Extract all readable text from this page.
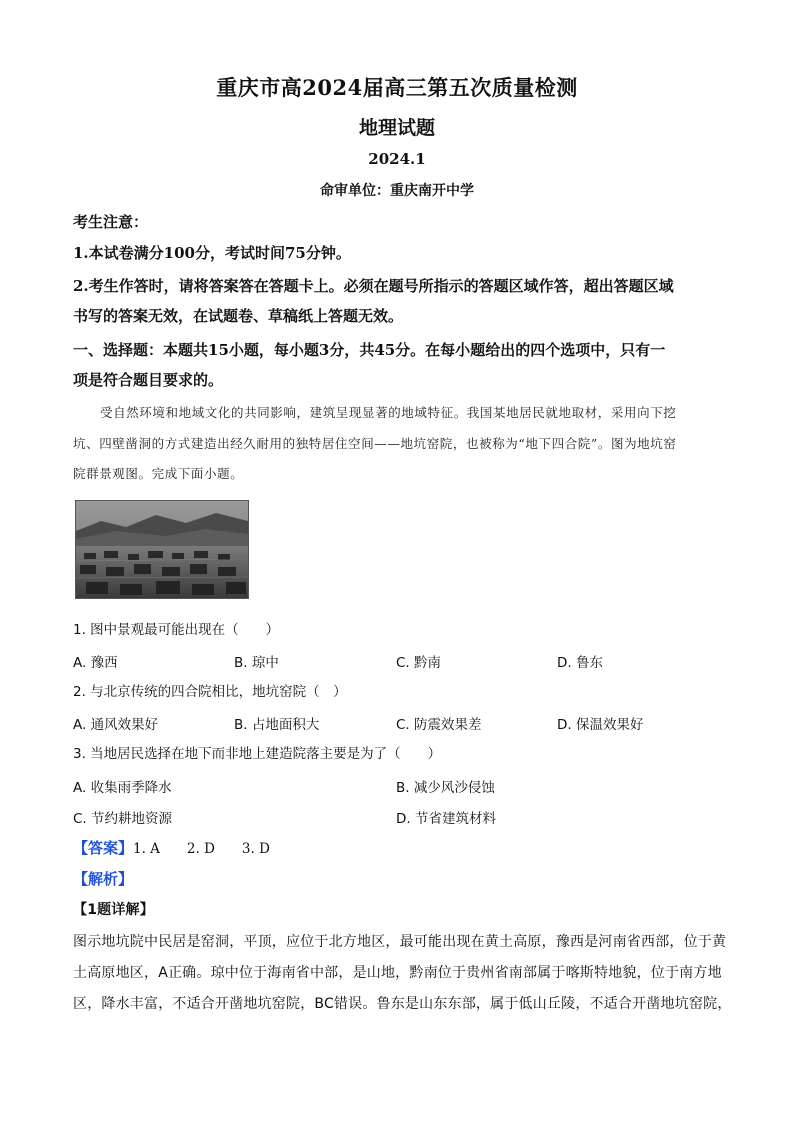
重庆市高2024届高三第五次质量检测
地理试题
2024.1
命审单位：重庆南开中学
考生注意：
1.本试卷满分100分，考试时间75分钟。
2.考生作答时，请将答案答在答题卡上。必须在题号所指示的答题区域作答，超出答题区域
书写的答案无效，在试题卷、草稿纸上答题无效。
一、选择题：本题共15小题，每小题3分，共45分。在每小题给出的四个选项中，只有一
项是符合题目要求的。
受自然环境和地域文化的共同影响，建筑呈现显著的地域特征。我国某地居民就地取材，采用向下挖
坑、四壁凿洞的方式建造出经久耐用的独特居住空间——地坑窑院，也被称为“地下四合院”。图为地坑窑
院群景观图。完成下面小题。
1. 图中景观最可能出现在（　　）
A. 豫西	B. 琼中	C. 黔南	D. 鲁东
2. 与北京传统的四合院相比，地坑窑院（　）
A. 通风效果好	B. 占地面积大	C. 防震效果差	D. 保温效果好
3. 当地居民选择在地下而非地上建造院落主要是为了（　　）
A. 收集雨季降水	B. 减少风沙侵蚀
C. 节约耕地资源	D. 节省建筑材料
【答案】1. A　　2. D　　3. D
【解析】
【1题详解】
图示地坑院中民居是窑洞，平顶，应位于北方地区，最可能出现在黄土高原，豫西是河南省西部，位于黄
土高原地区，A正确。琼中位于海南省中部，是山地，黔南位于贵州省南部属于喀斯特地貌，位于南方地
区，降水丰富，不适合开凿地坑窑院，BC错误。鲁东是山东东部，属于低山丘陵，不适合开凿地坑窑院，
